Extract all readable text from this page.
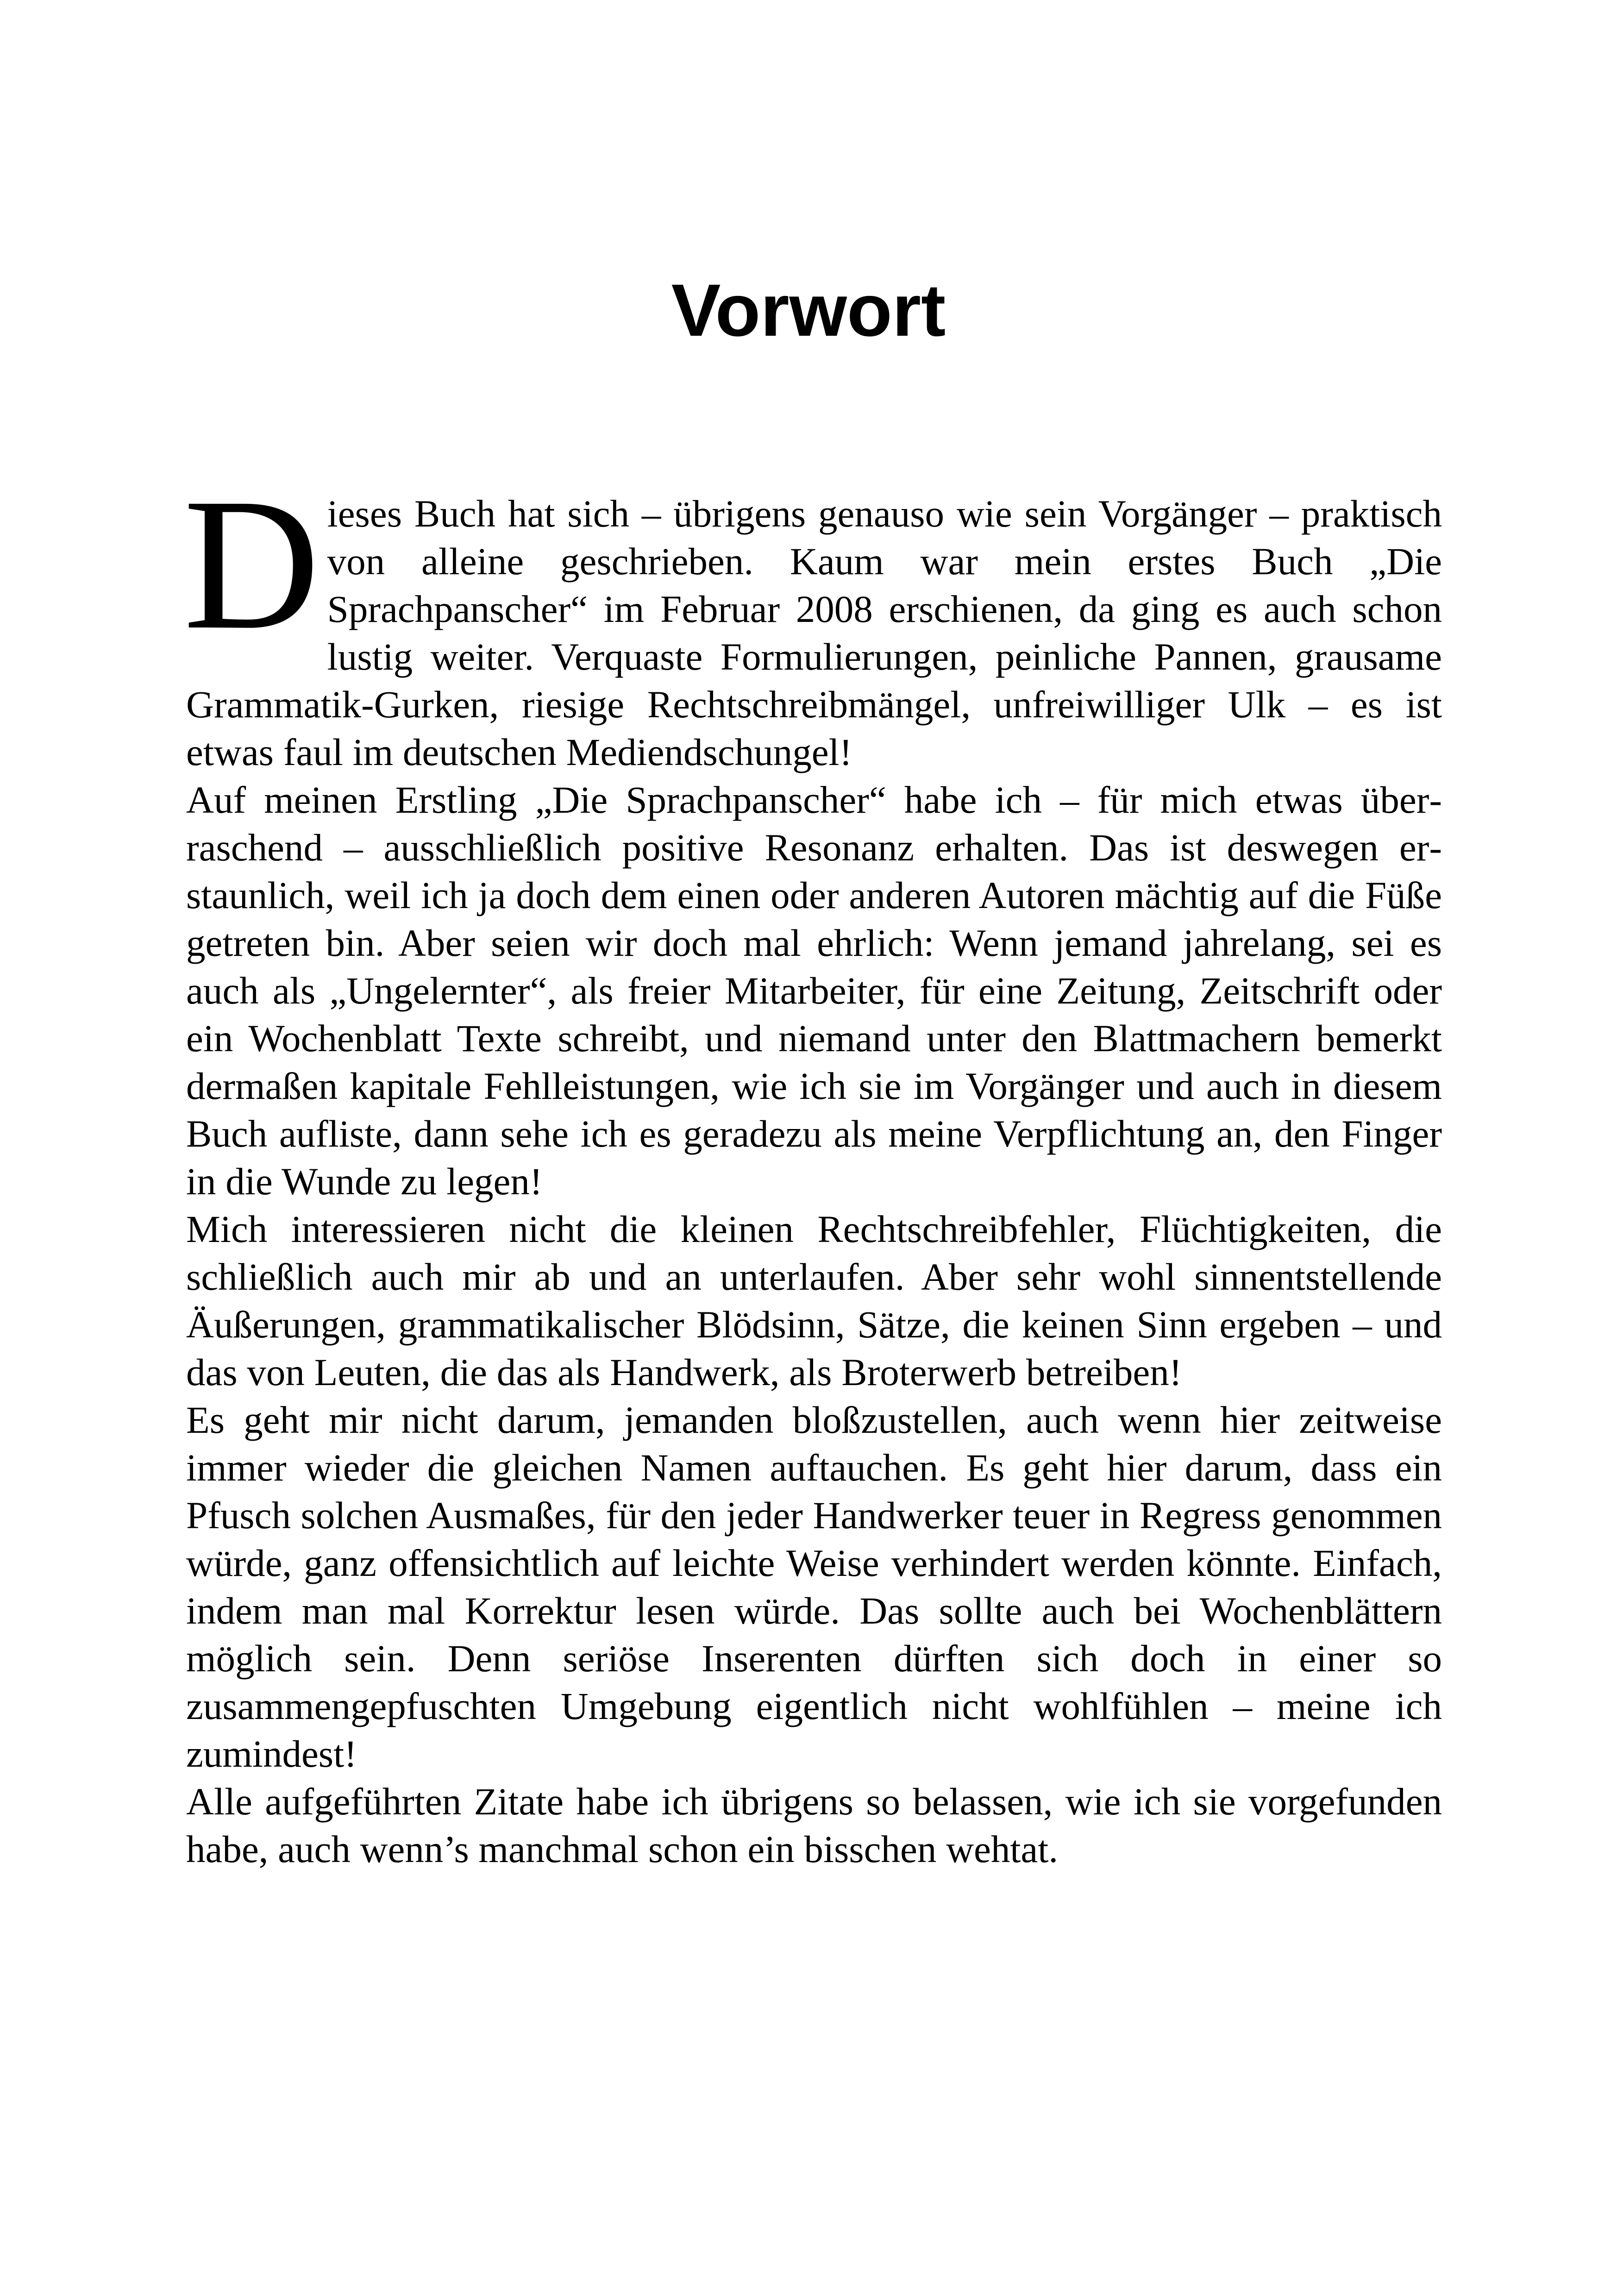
Vorwort

Dieses Buch hat sich – übrigens genauso wie sein Vorgänger – praktisch von alleine geschrieben. Kaum war mein erstes Buch „Die Sprachpanscher“ im Februar 2008 erschienen, da ging es auch schon lustig weiter. Verquaste Formulierungen, peinliche Pannen, grausame Grammatik-Gurken, riesige Rechtschreibmängel, unfreiwilliger Ulk – es ist etwas faul im deutschen Mediendschungel!

Auf meinen Erstling „Die Sprachpanscher“ habe ich – für mich etwas überraschend – ausschließlich positive Resonanz erhalten. Das ist deswegen erstaunlich, weil ich ja doch dem einen oder anderen Autoren mächtig auf die Füße getreten bin. Aber seien wir doch mal ehrlich: Wenn jemand jahrelang, sei es auch als „Ungelernter“, als freier Mitarbeiter, für eine Zeitung, Zeitschrift oder ein Wochenblatt Texte schreibt, und niemand unter den Blattmachern bemerkt dermaßen kapitale Fehlleistungen, wie ich sie im Vorgänger und auch in diesem Buch aufliste, dann sehe ich es geradezu als meine Verpflichtung an, den Finger in die Wunde zu legen!

Mich interessieren nicht die kleinen Rechtschreibfehler, Flüchtigkeiten, die schließlich auch mir ab und an unterlaufen. Aber sehr wohl sinnentstellende Äußerungen, grammatikalischer Blödsinn, Sätze, die keinen Sinn ergeben – und das von Leuten, die das als Handwerk, als Broterwerb betreiben!

Es geht mir nicht darum, jemanden bloßzustellen, auch wenn hier zeitweise immer wieder die gleichen Namen auftauchen. Es geht hier darum, dass ein Pfusch solchen Ausmaßes, für den jeder Handwerker teuer in Regress genommen würde, ganz offensichtlich auf leichte Weise verhindert werden könnte. Einfach, indem man mal Korrektur lesen würde. Das sollte auch bei Wochenblättern möglich sein. Denn seriöse Inserenten dürften sich doch in einer so zusammengepfuschten Umgebung eigentlich nicht wohlfühlen – meine ich zumindest!

Alle aufgeführten Zitate habe ich übrigens so belassen, wie ich sie vorgefunden habe, auch wenn’s manchmal schon ein bisschen wehtat.
